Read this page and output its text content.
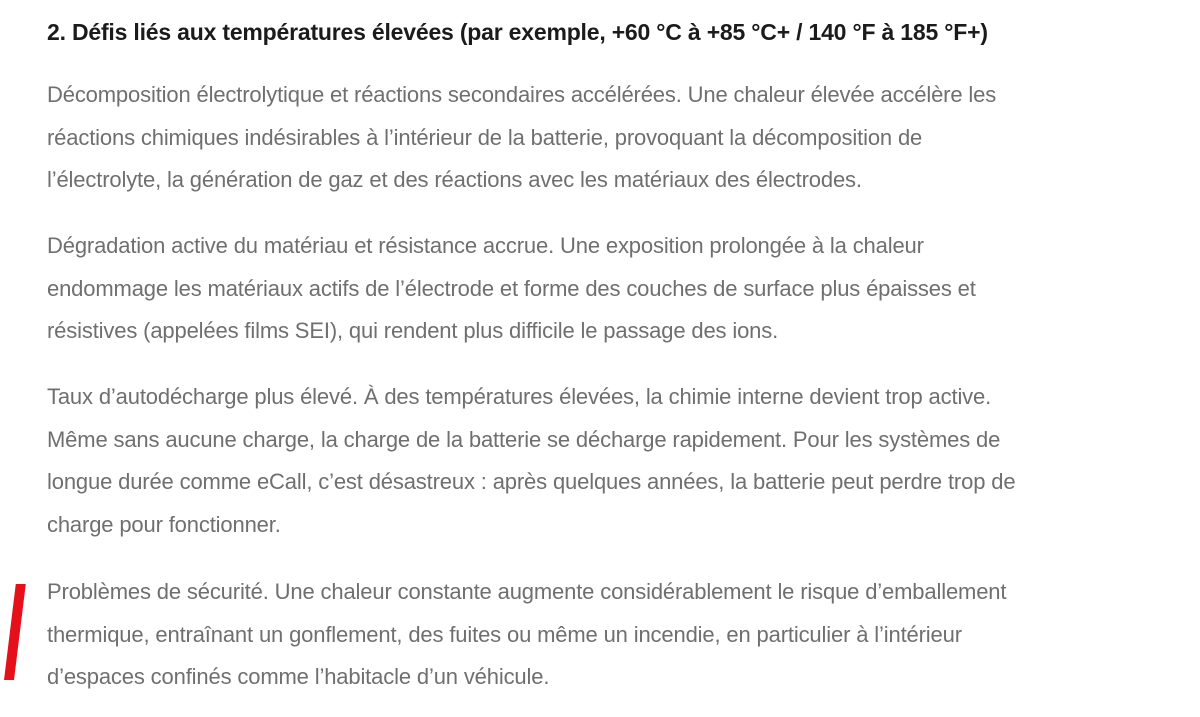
2. Défis liés aux températures élevées (par exemple, +60 °C à +85 °C+ / 140 °F à 185 °F+)

Décomposition électrolytique et réactions secondaires accélérées. Une chaleur élevée accélère les
réactions chimiques indésirables à l’intérieur de la batterie, provoquant la décomposition de
l’électrolyte, la génération de gaz et des réactions avec les matériaux des électrodes.

Dégradation active du matériau et résistance accrue. Une exposition prolongée à la chaleur
endommage les matériaux actifs de l’électrode et forme des couches de surface plus épaisses et
résistives (appelées films SEI), qui rendent plus difficile le passage des ions.

Taux d’autodécharge plus élevé. À des températures élevées, la chimie interne devient trop active.
Même sans aucune charge, la charge de la batterie se décharge rapidement. Pour les systèmes de
longue durée comme eCall, c’est désastreux : après quelques années, la batterie peut perdre trop de
charge pour fonctionner.

Problèmes de sécurité. Une chaleur constante augmente considérablement le risque d’emballement
thermique, entraînant un gonflement, des fuites ou même un incendie, en particulier à l’intérieur
d’espaces confinés comme l’habitacle d’un véhicule.
